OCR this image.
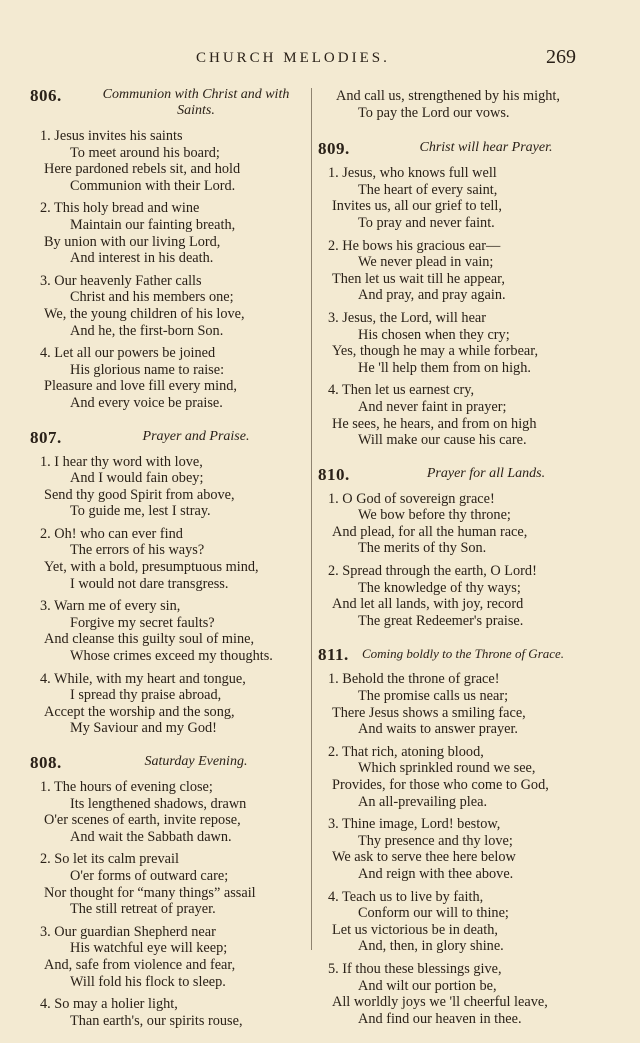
CHURCH MELODIES.	269
806.	Communion with Christ and with Saints.
1. Jesus invites his saints
To meet around his board;
Here pardoned rebels sit, and hold
Communion with their Lord.
2. This holy bread and wine
Maintain our fainting breath,
By union with our living Lord,
And interest in his death.
3. Our heavenly Father calls
Christ and his members one;
We, the young children of his love,
And he, the first-born Son.
4. Let all our powers be joined
His glorious name to raise:
Pleasure and love fill every mind,
And every voice be praise.
807.	Prayer and Praise.
1. I hear thy word with love,
And I would fain obey;
Send thy good Spirit from above,
To guide me, lest I stray.
2. Oh! who can ever find
The errors of his ways?
Yet, with a bold, presumptuous mind,
I would not dare transgress.
3. Warn me of every sin,
Forgive my secret faults?
And cleanse this guilty soul of mine,
Whose crimes exceed my thoughts.
4. While, with my heart and tongue,
I spread thy praise abroad,
Accept the worship and the song,
My Saviour and my God!
808.	Saturday Evening.
1. The hours of evening close;
Its lengthened shadows, drawn
O'er scenes of earth, invite repose,
And wait the Sabbath dawn.
2. So let its calm prevail
O'er forms of outward care;
Nor thought for “many things” assail
The still retreat of prayer.
3. Our guardian Shepherd near
His watchful eye will keep;
And, safe from violence and fear,
Will fold his flock to sleep.
4. So may a holier light,
Than earth's, our spirits rouse,
And call us, strengthened by his might,
To pay the Lord our vows.
809.	Christ will hear Prayer.
1. Jesus, who knows full well
The heart of every saint,
Invites us, all our grief to tell,
To pray and never faint.
2. He bows his gracious ear—
We never plead in vain;
Then let us wait till he appear,
And pray, and pray again.
3. Jesus, the Lord, will hear
His chosen when they cry;
Yes, though he may a while forbear,
He 'll help them from on high.
4. Then let us earnest cry,
And never faint in prayer;
He sees, he hears, and from on high
Will make our cause his care.
810.	Prayer for all Lands.
1. O God of sovereign grace!
We bow before thy throne;
And plead, for all the human race,
The merits of thy Son.
2. Spread through the earth, O Lord!
The knowledge of thy ways;
And let all lands, with joy, record
The great Redeemer's praise.
811.	Coming boldly to the Throne of Grace.
1. Behold the throne of grace!
The promise calls us near;
There Jesus shows a smiling face,
And waits to answer prayer.
2. That rich, atoning blood,
Which sprinkled round we see,
Provides, for those who come to God,
An all-prevailing plea.
3. Thine image, Lord! bestow,
Thy presence and thy love;
We ask to serve thee here below
And reign with thee above.
4. Teach us to live by faith,
Conform our will to thine;
Let us victorious be in death,
And, then, in glory shine.
5. If thou these blessings give,
And wilt our portion be,
All worldly joys we 'll cheerful leave,
And find our heaven in thee.
